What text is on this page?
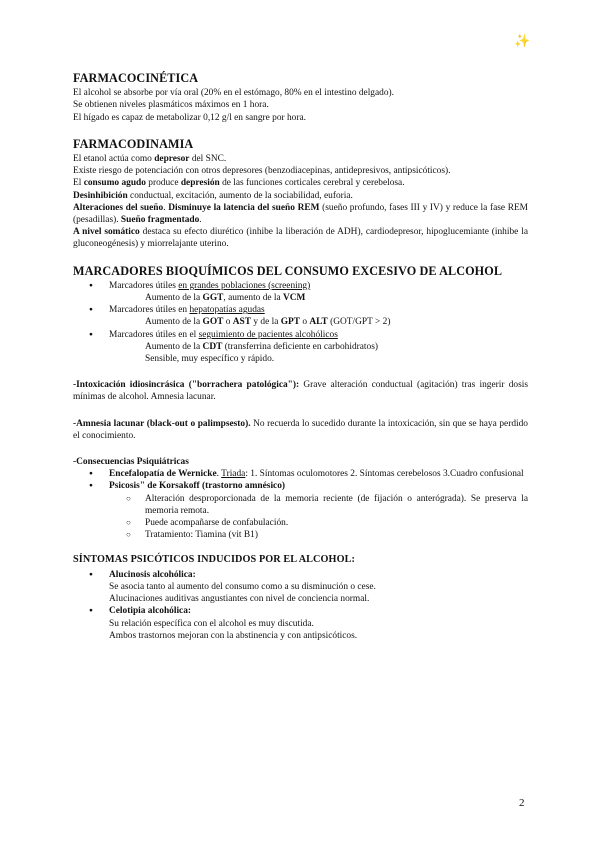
✨
FARMACOCINÉTICA

El alcohol se absorbe por vía oral (20% en el estómago, 80% en el intestino delgado).

Se obtienen niveles plasmáticos máximos en 1 hora.

El hígado es capaz de metabolizar 0,12 g/l en sangre por hora.

FARMACODINAMIA

El etanol actúa como depresor del SNC.

Existe riesgo de potenciación con otros depresores (benzodiacepinas, antidepresivos, antipsicóticos).

El consumo agudo produce depresión de las funciones corticales cerebral y cerebelosa.

Desinhibición conductual, excitación, aumento de la sociabilidad, euforia.

Alteraciones del sueño. Disminuye la latencia del sueño REM (sueño profundo, fases III y IV) y reduce la fase REM (pesadillas). Sueño fragmentado.

A nivel somático destaca su efecto diurético (inhibe la liberación de ADH), cardiodepresor, hipoglucemiante (inhibe la gluconeogénesis) y miorrelajante uterino.

MARCADORES BIOQUÍMICOS DEL CONSUMO EXCESIVO DE ALCOHOL
● Marcadores útiles en grandes poblaciones (screening)

Aumento de la GGT, aumento de la VCM

● Marcadores útiles en hepatopatías agudas

Aumento de la GOT o AST y de la GPT o ALT (GOT/GPT > 2)

● Marcadores útiles en el seguimiento de pacientes alcohólicos

Aumento de la CDT (transferrina deficiente en carbohidratos)

Sensible, muy específico y rápido.

-Intoxicación idiosincrásica ("borrachera patológica"): Grave alteración conductual (agitación) tras ingerir dosis mínimas de alcohol. Amnesia lacunar.

-Amnesia lacunar (black-out o palimpsesto). No recuerda lo sucedido durante la intoxicación, sin que se haya perdido el conocimiento.

-Consecuencias Psiquiátricas

● Encefalopatía de Wernicke. Triada: 1. Síntomas oculomotores 2. Síntomas cerebelosos 3.Cuadro confusional
● Psicosis" de Korsakoff (trastorno amnésico)
○ Alteración desproporcionada de la memoria reciente (de fijación o anterógrada). Se preserva la memoria remota.
○ Puede acompañarse de confabulación.
○ Tratamiento: Tiamina (vit B1)
SÍNTOMAS PSICÓTICOS INDUCIDOS POR EL ALCOHOL:
● Alucinosis alcohólica:

Se asocia tanto al aumento del consumo como a su disminución o cese.

Alucinaciones auditivas angustiantes con nivel de conciencia normal.

● Celotipia alcohólica:

Su relación específica con el alcohol es muy discutida.

Ambos trastornos mejoran con la abstinencia y con antipsicóticos.

2
